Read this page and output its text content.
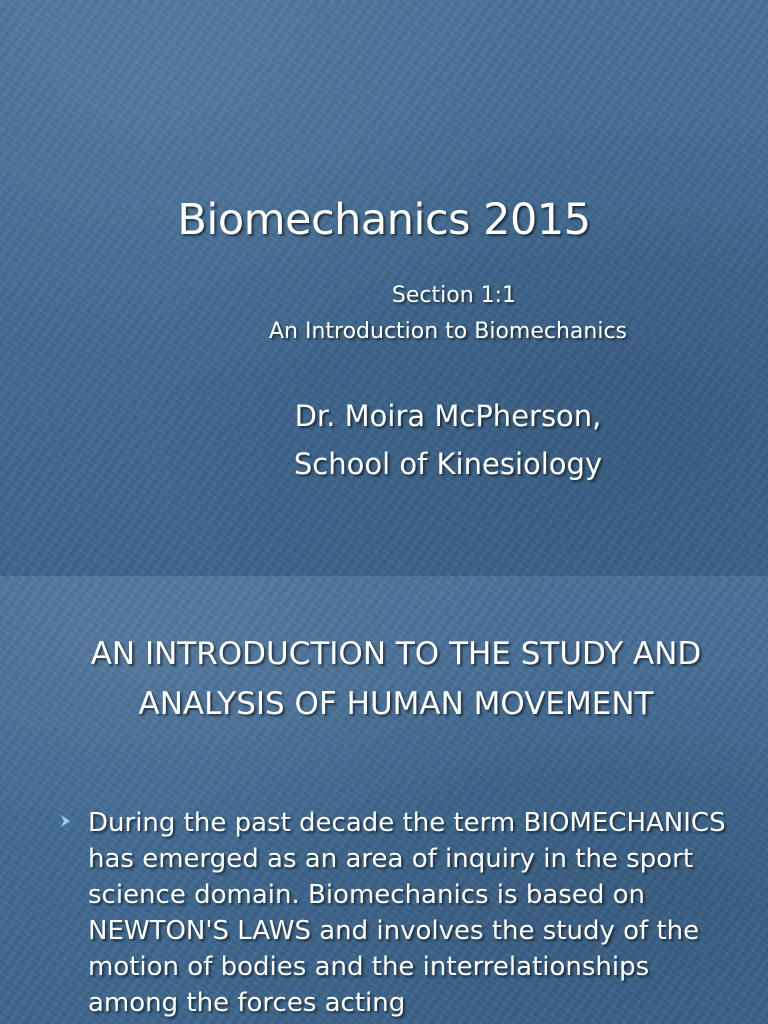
Biomechanics 2015
Section 1:1
An Introduction to Biomechanics
Dr. Moira McPherson,
School of Kinesiology
AN INTRODUCTION TO THE STUDY AND
ANALYSIS OF HUMAN MOVEMENT
During the past decade the term BIOMECHANICS has emerged as an area of inquiry in the sport science domain. Biomechanics is based on NEWTON'S LAWS and involves the study of the motion of bodies and the interrelationships among the forces acting
